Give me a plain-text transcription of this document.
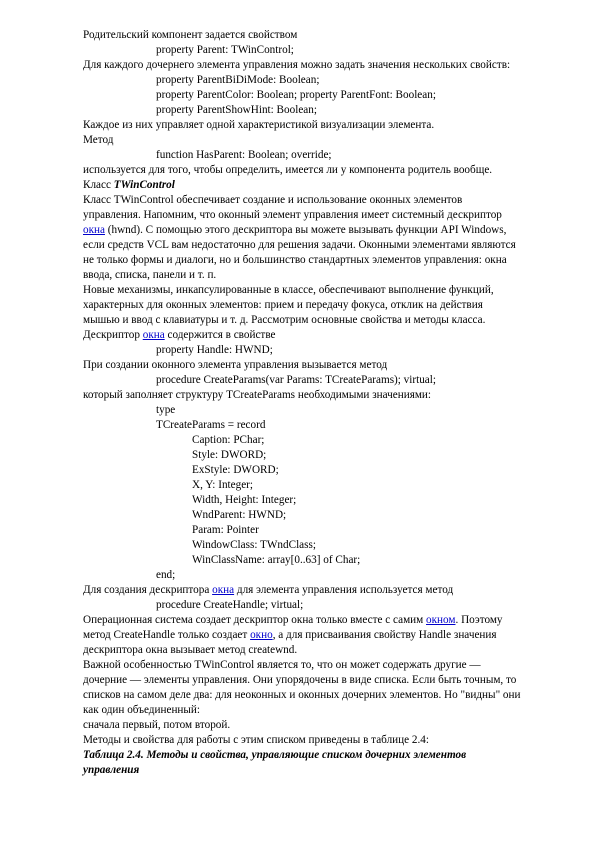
Родительский компонент задается свойством
property Parent: TWinControl;
Для каждого дочернего элемента управления можно задать значения нескольких свойств:
property ParentBiDiMode: Boolean;
property ParentColor: Boolean; property ParentFont: Boolean;
property ParentShowHint: Boolean;
Каждое из них управляет одной характеристикой визуализации элемента.
Метод
function HasParent: Boolean; override;
используется для того, чтобы определить, имеется ли у компонента родитель вообще.
Класс TWinControl
Класс TWinControl обеспечивает создание и использование оконных элементов
управления. Напомним, что оконный элемент управления имеет системный дескриптор
окна (hwnd). С помощью этого дескриптора вы можете вызывать функции API Windows,
если средств VCL вам недостаточно для решения задачи. Оконными элементами являются
не только формы и диалоги, но и большинство стандартных элементов управления: окна
ввода, списка, панели и т. п.
Новые механизмы, инкапсулированные в классе, обеспечивают выполнение функций,
характерных для оконных элементов: прием и передачу фокуса, отклик на действия
мышью и ввод с клавиатуры и т. д. Рассмотрим основные свойства и методы класса.
Дескриптор окна содержится в свойстве
property Handle: HWND;
При создании оконного элемента управления вызывается метод
procedure CreateParams(var Params: TCreateParams); virtual;
который заполняет структуру TCreateParams необходимыми значениями:
type
TCreateParams = record
Caption: PChar;
Style: DWORD;
ExStyle: DWORD;
X, Y: Integer;
Width, Height: Integer;
WndParent: HWND;
Param: Pointer
WindowClass: TWndClass;
WinClassName: array[0..63] of Char;
end;
Для создания дескриптора окна для элемента управления используется метод
procedure CreateHandle; virtual;
Операционная система создает дескриптор окна только вместе с самим окном. Поэтому
метод CreateHandle только создает окно, а для присваивания свойству Handle значения
дескриптора окна вызывает метод createwnd.
Важной особенностью TWinControl является то, что он может содержать другие —
дочерние — элементы управления. Они упорядочены в виде списка. Если быть точным, то
списков на самом деле два: для неоконных и оконных дочерних элементов. Но "видны" они
как один объединенный:
сначала первый, потом второй.
Методы и свойства для работы с этим списком приведены в таблице 2.4:
Таблица 2.4. Методы и свойства, управляющие списком дочерних элементов
управления
